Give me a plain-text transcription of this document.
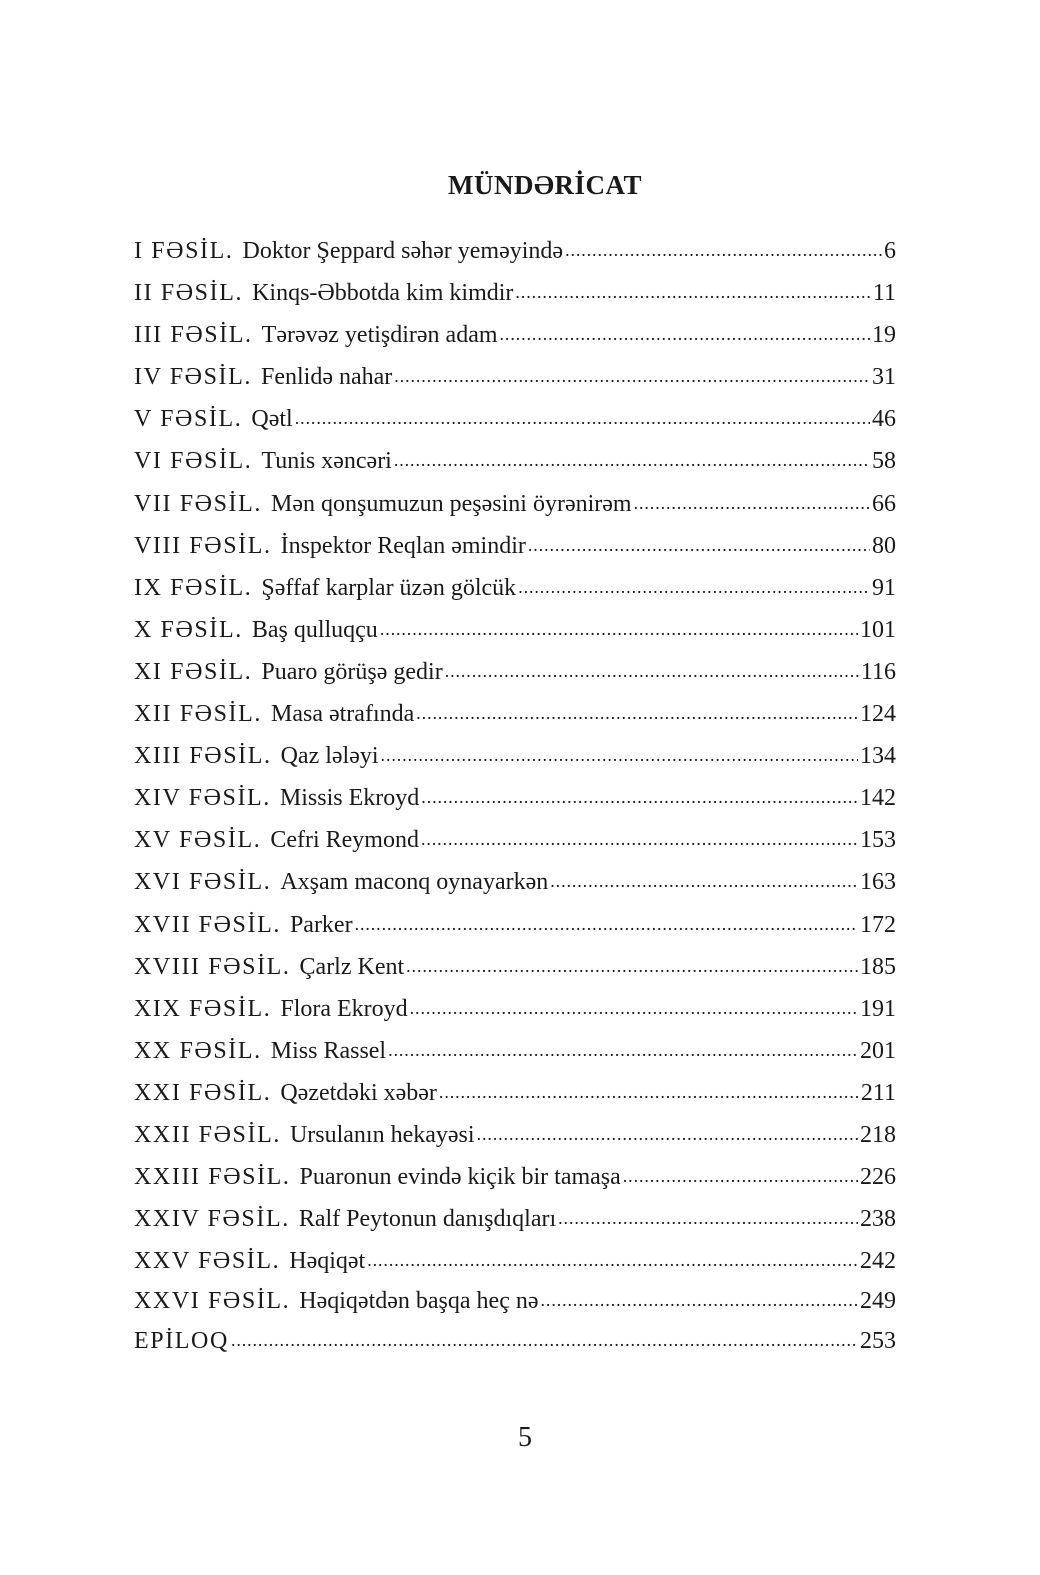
MÜNDƏRİCAT
I FƏSİL. Doktor Şeppard səhər yeməyində .....	6
II FƏSİL. Kinqs-Əbbotda kim kimdir .....	11
III FƏSİL. Tərəvəz yetişdirən adam .....	19
IV FƏSİL. Fenlidə nahar .....	31
V FƏSİL. Qətl .....	46
VI FƏSİL. Tunis xəncəri .....	58
VII FƏSİL. Mən qonşumuzun peşəsini öyrənirəm .....	66
VIII FƏSİL. İnspektor Reqlan əmindir .....	80
IX FƏSİL. Şəffaf karplar üzən gölcük .....	91
X FƏSİL. Baş qulluqçu .....	101
XI FƏSİL. Puaro görüşə gedir .....	116
XII FƏSİL. Masa ətrafında .....	124
XIII FƏSİL. Qaz lələyi .....	134
XIV FƏSİL. Missis Ekroyd .....	142
XV FƏSİL. Cefri Reymond .....	153
XVI FƏSİL. Axşam maconq oynayarkən .....	163
XVII FƏSİL. Parker .....	172
XVIII FƏSİL. Çarlz Kent .....	185
XIX FƏSİL. Flora Ekroyd .....	191
XX FƏSİL. Miss Rassel .....	201
XXI FƏSİL. Qəzetdəki xəbər .....	211
XXII FƏSİL. Ursulanın hekayəsi .....	218
XXIII FƏSİL. Puaronun evində kiçik bir tamaşa .....	226
XXIV FƏSİL. Ralf Peytonun danışdıqları .....	238
XXV FƏSİL. Həqiqət .....	242
XXVI FƏSİL. Həqiqətdən başqa heç nə .....	249
EPİLOQ .....	253
5
